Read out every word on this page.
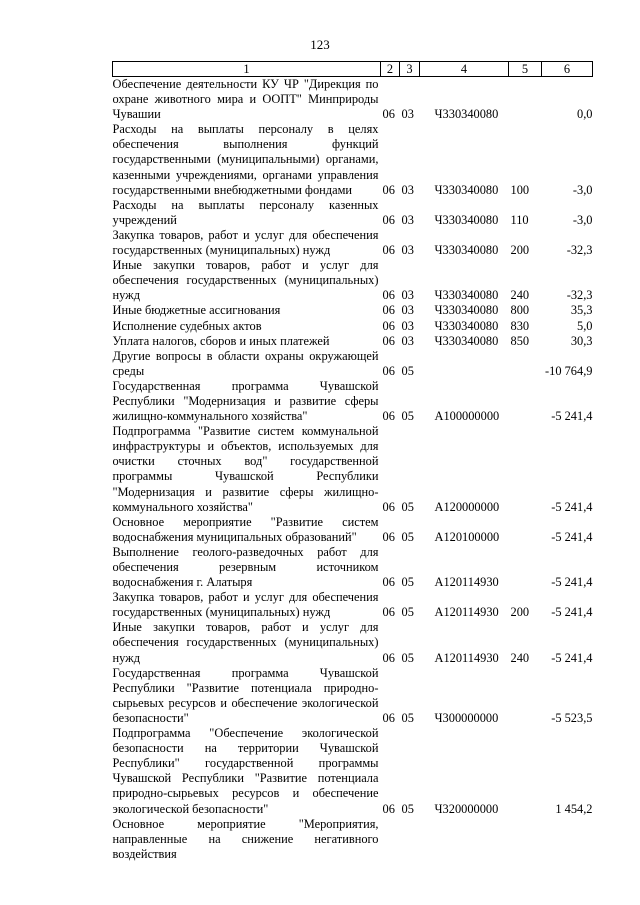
123
1	2	3	4	5	6
Обеспечение деятельности КУ ЧР "Дирекция по охране животного мира и ООПТ" Минприроды Чувашии	06	03	Ч330340080		0,0
Расходы на выплаты персоналу в целях обеспечения выполнения функций государственными (муниципальными) органами, казенными учреждениями, органами управления государственными внебюджетными фондами	06	03	Ч330340080	100	-3,0
Расходы на выплаты персоналу казенных учреждений	06	03	Ч330340080	110	-3,0
Закупка товаров, работ и услуг для обеспечения государственных (муниципальных) нужд	06	03	Ч330340080	200	-32,3
Иные закупки товаров, работ и услуг для обеспечения государственных (муниципальных) нужд	06	03	Ч330340080	240	-32,3
Иные бюджетные ассигнования	06	03	Ч330340080	800	35,3
Исполнение судебных актов	06	03	Ч330340080	830	5,0
Уплата налогов, сборов и иных платежей	06	03	Ч330340080	850	30,3
Другие вопросы в области охраны окружающей среды	06	05			-10 764,9
Государственная программа Чувашской Республики "Модернизация и развитие сферы жилищно-коммунального хозяйства"	06	05	А100000000		-5 241,4
Подпрограмма "Развитие систем коммунальной инфраструктуры и объектов, используемых для очистки сточных вод" государственной программы Чувашской Республики "Модернизация и развитие сферы жилищно-коммунального хозяйства"	06	05	А120000000		-5 241,4
Основное мероприятие "Развитие систем водоснабжения муниципальных образований"	06	05	А120100000		-5 241,4
Выполнение геолого-разведочных работ для обеспечения резервным источником водоснабжения г. Алатыря	06	05	А120114930		-5 241,4
Закупка товаров, работ и услуг для обеспечения государственных (муниципальных) нужд	06	05	А120114930	200	-5 241,4
Иные закупки товаров, работ и услуг для обеспечения государственных (муниципальных) нужд	06	05	А120114930	240	-5 241,4
Государственная программа Чувашской Республики "Развитие потенциала природно-сырьевых ресурсов и обеспечение экологической безопасности"	06	05	Ч300000000		-5 523,5
Подпрограмма "Обеспечение экологической безопасности на территории Чувашской Республики" государственной программы Чувашской Республики "Развитие потенциала природно-сырьевых ресурсов и обеспечение экологической безопасности"	06	05	Ч320000000		1 454,2
Основное мероприятие "Мероприятия, направленные на снижение негативного воздействия					
